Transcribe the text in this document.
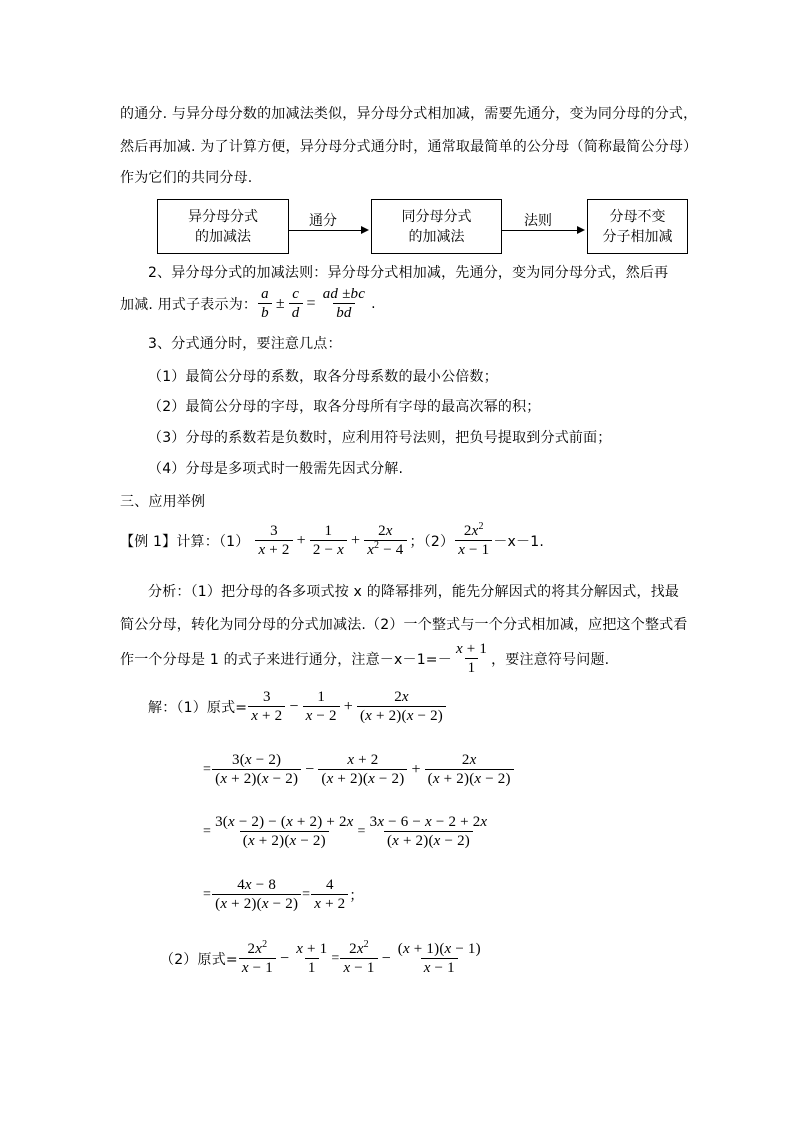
的通分. 与异分母分数的加减法类似，异分母分式相加减，需要先通分，变为同分母的分式，
然后再加减. 为了计算方便，异分母分式通分时，通常取最简单的公分母（简称最简公分母）
作为它们的共同分母.
异分母分式
的加减法
通分	同分母分式
的加减法
法则	分母不变
分子相加减
2、异分母分式的加减法则：异分母分式相加减，先通分，变为同分母分式，然后再
加减. 用式子表示为： $\frac{a}{b} \pm \frac{c}{d} = \frac{ad \pm bc}{bd}$ .
3、分式通分时，要注意几点：
（1）最简公分母的系数，取各分母系数的最小公倍数；
（2）最简公分母的字母，取各分母所有字母的最高次幂的积；
（3）分母的系数若是负数时，应利用符号法则，把负号提取到分式前面；
（4）分母是多项式时一般需先因式分解.
三、应用举例
【例 1】计算：$(1) \frac{3}{x + 2} + \frac{1}{2 - x} + \frac{2x}{x^2 - 4}$ ；$(2) \frac{2x^2}{x - 1} -x-1$.
分析：（1）把分母的各多项式按 x 的降幂排列，能先分解因式的将其分解因式，找最
简公分母，转化为同分母的分式加减法.（2）一个整式与一个分式相加减，应把这个整式看
作一个分母是 1 的式子来进行通分，注意$-x-1=- \frac{x + 1}{1}$ ，要注意符号问题.
解：（1）原式= $\frac{3}{x + 2} - \frac{1}{x - 2} + \frac{2x}{(x + 2)(x - 2)}$
= $\frac{3(x - 2)}{(x + 2)(x - 2)} - \frac{x + 2}{(x + 2)(x - 2)} + \frac{2x}{(x + 2)(x - 2)}$
= $\frac{3(x - 2) - (x + 2) + 2x}{(x + 2)(x - 2)} = \frac{3x - 6 - x - 2 + 2x}{(x + 2)(x - 2)}$
= $\frac{4x - 8}{(x + 2)(x - 2)} = \frac{4}{x + 2}$ ；
（2）原式= $\frac{2x^2}{x - 1} - \frac{x + 1}{1} = \frac{2x^2}{x - 1} - \frac{(x + 1)(x - 1)}{x - 1}$
